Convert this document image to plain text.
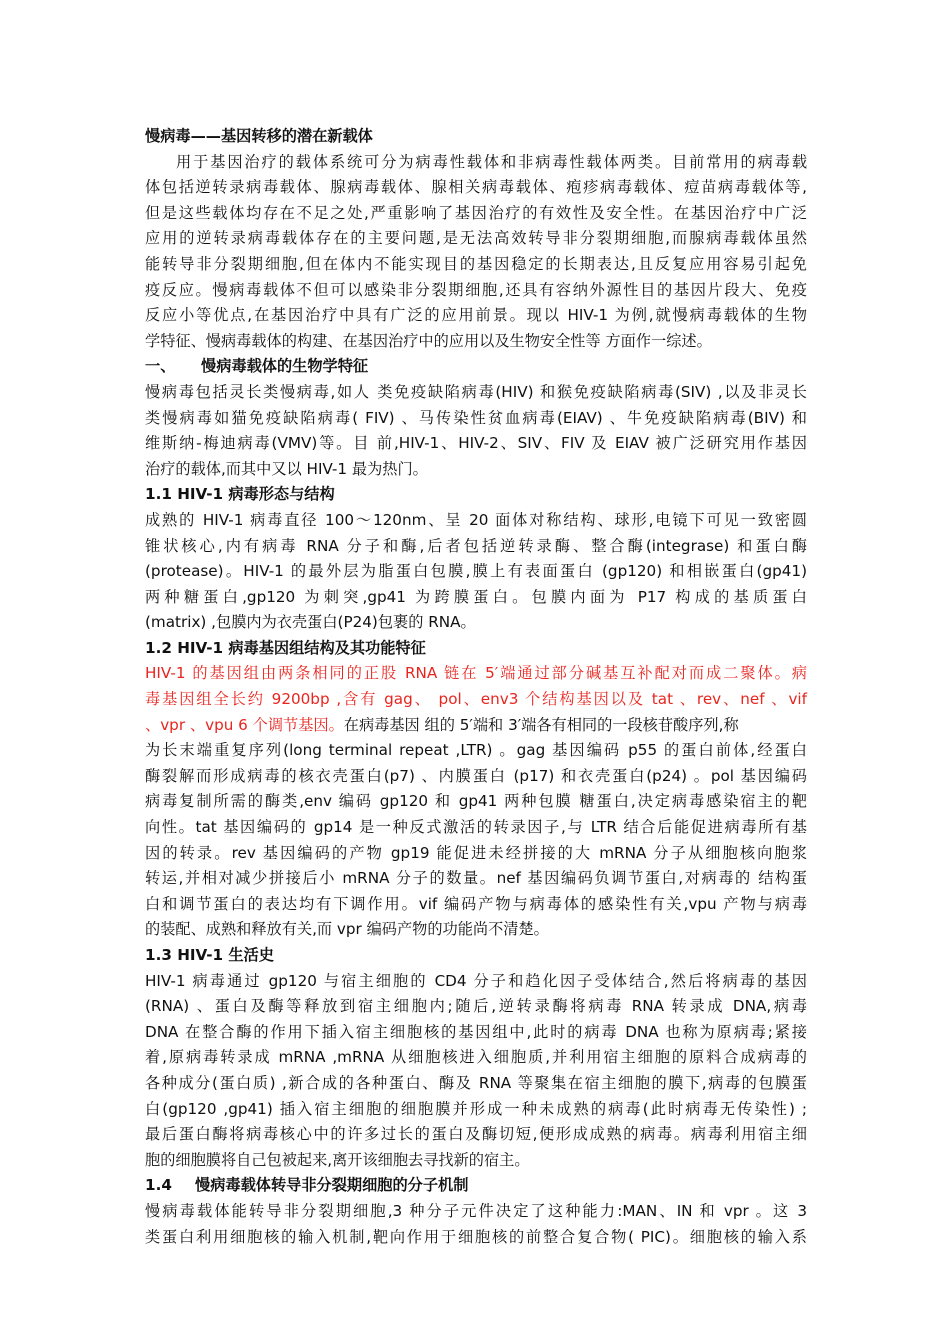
慢病毒——基因转移的潜在新载体
用于基因治疗的载体系统可分为病毒性载体和非病毒性载体两类。目前常用的病毒载
体包括逆转录病毒载体、腺病毒载体、腺相关病毒载体、疱疹病毒载体、痘苗病毒载体等,
但是这些载体均存在不足之处,严重影响了基因治疗的有效性及安全性。在基因治疗中广泛
应用的逆转录病毒载体存在的主要问题,是无法高效转导非分裂期细胞,而腺病毒载体虽然
能转导非分裂期细胞,但在体内不能实现目的基因稳定的长期表达,且反复应用容易引起免
疫反应。慢病毒载体不但可以感染非分裂期细胞,还具有容纳外源性目的基因片段大、免疫
反应小等优点,在基因治疗中具有广泛的应用前景。现以 HIV-1 为例,就慢病毒载体的生物
学特征、慢病毒载体的构建、在基因治疗中的应用以及生物安全性等 方面作一综述。
一、 慢病毒载体的生物学特征
慢病毒包括灵长类慢病毒,如人 类免疫缺陷病毒(HIV) 和猴免疫缺陷病毒(SIV) ,以及非灵长
类慢病毒如猫免疫缺陷病毒( FIV) 、马传染性贫血病毒(EIAV) 、牛免疫缺陷病毒(BIV) 和
维斯纳-梅迪病毒(VMV)等。目 前,HIV-1、HIV-2、SIV、FIV 及 EIAV 被广泛研究用作基因
治疗的载体,而其中又以 HIV-1 最为热门。
1.1 HIV-1 病毒形态与结构
成熟的 HIV-1 病毒直径 100～120nm、呈 20 面体对称结构、球形,电镜下可见一致密圆
锥状核心,内有病毒 RNA 分子和酶,后者包括逆转录酶、整合酶(integrase) 和蛋白酶
(protease)。HIV-1 的最外层为脂蛋白包膜,膜上有表面蛋白 (gp120) 和相嵌蛋白(gp41)
两种糖蛋白,gp120 为刺突,gp41 为跨膜蛋白。包膜内面为 P17 构成的基质蛋白
(matrix) ,包膜内为衣壳蛋白(P24)包裹的 RNA。
1.2 HIV-1 病毒基因组结构及其功能特征
HIV-1 的基因组由两条相同的正股 RNA 链在 5′端通过部分碱基互补配对而成二聚体。病
毒基因组全长约 9200bp ,含有 gag、 pol、env3 个结构基因以及 tat 、rev、nef 、vif
、vpr 、vpu 6 个调节基因。在病毒基因 组的 5′端和 3′端各有相同的一段核苷酸序列,称
为长末端重复序列(long terminal repeat ,LTR) 。gag 基因编码 p55 的蛋白前体,经蛋白
酶裂解而形成病毒的核衣壳蛋白(p7) 、内膜蛋白 (p17) 和衣壳蛋白(p24) 。pol 基因编码
病毒复制所需的酶类,env 编码 gp120 和 gp41 两种包膜 糖蛋白,决定病毒感染宿主的靶
向性。tat 基因编码的 gp14 是一种反式激活的转录因子,与 LTR 结合后能促进病毒所有基
因的转录。rev 基因编码的产物 gp19 能促进未经拼接的大 mRNA 分子从细胞核向胞浆
转运,并相对减少拼接后小 mRNA 分子的数量。nef 基因编码负调节蛋白,对病毒的 结构蛋
白和调节蛋白的表达均有下调作用。vif 编码产物与病毒体的感染性有关,vpu 产物与病毒
的装配、成熟和释放有关,而 vpr 编码产物的功能尚不清楚。
1.3 HIV-1 生活史
HIV-1 病毒通过 gp120 与宿主细胞的 CD4 分子和趋化因子受体结合,然后将病毒的基因
(RNA) 、蛋白及酶等释放到宿主细胞内;随后,逆转录酶将病毒 RNA 转录成 DNA,病毒
DNA 在整合酶的作用下插入宿主细胞核的基因组中,此时的病毒 DNA 也称为原病毒;紧接
着,原病毒转录成 mRNA ,mRNA 从细胞核进入细胞质,并利用宿主细胞的原料合成病毒的
各种成分(蛋白质) ,新合成的各种蛋白、酶及 RNA 等聚集在宿主细胞的膜下,病毒的包膜蛋
白(gp120 ,gp41) 插入宿主细胞的细胞膜并形成一种未成熟的病毒(此时病毒无传染性) ;
最后蛋白酶将病毒核心中的许多过长的蛋白及酶切短,便形成成熟的病毒。病毒利用宿主细
胞的细胞膜将自己包被起来,离开该细胞去寻找新的宿主。
1.4 慢病毒载体转导非分裂期细胞的分子机制
慢病毒载体能转导非分裂期细胞,3 种分子元件决定了这种能力:MAN、IN 和 vpr 。这 3
类蛋白利用细胞核的输入机制,靶向作用于细胞核的前整合复合物( PIC)。细胞核的输入系
